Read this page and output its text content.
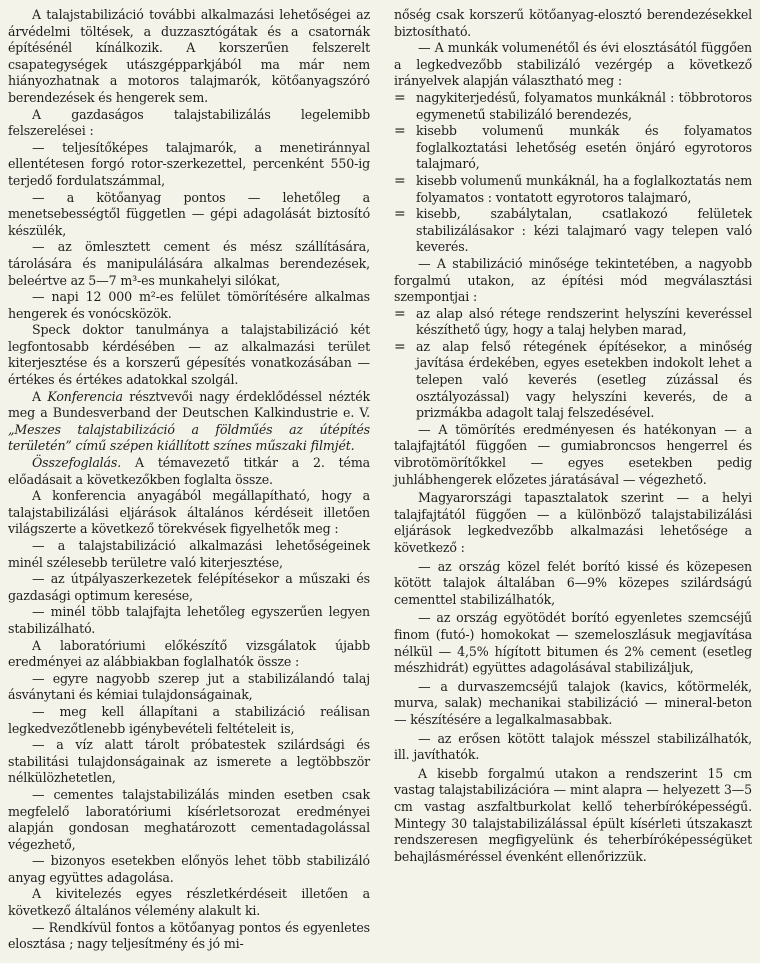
A talajstabilizáció további alkalmazási lehetőségei az árvédelmi töltések, a duzzasztógátak és a csatornák építésénél kínálkozik. A korszerűen felszerelt csapategységek utászgépparkjából ma már nem hiányozhatnak a motoros talajmarók, kötőanyagszóró berendezések és hengerek sem.

A gazdaságos talajstabilizálás legelemibb felszerelései :

— teljesítőképes talajmarók, a menetiránnyal ellentétesen forgó rotor-szerkezettel, percenként 550-ig terjedő fordulatszámmal,

— a kötőanyag pontos — lehetőleg a menetsebességtől független — gépi adagolását biztosító készülék,

— az ömlesztett cement és mész szállítására, tárolására és manipulálására alkalmas berendezések, beleértve az 5—7 m³-es munkahelyi silókat,

— napi 12 000 m²-es felület tömörítésére alkalmas hengerek és vonócsközök.

Speck doktor tanulmánya a talajstabilizáció két legfontosabb kérdésében — az alkalmazási terület kiterjesztése és a korszerű gépesítés vonatkozásában — értékes és értékes adatokkal szolgál.

A Konferencia résztvevői nagy érdeklődéssel nézték meg a Bundesverband der Deutschen Kalkindustrie e. V. „Meszes talajstabilizáció a földműés az útépítés területén” című szépen kiállított színes műszaki filmjét.

Összefoglalás. A témavezető titkár a 2. téma előadásait a következőkben foglalta össze.

A konferencia anyagából megállapítható, hogy a talajstabilizálási eljárások általános kérdéseit illetően világszerte a következő törekvések figyelhetők meg :

— a talajstabilizáció alkalmazási lehetőségeinek minél szélesebb területre való kiterjesztése,

— az útpályaszerkezetek felépítésekor a műszaki és gazdasági optimum keresése,

— minél több talajfajta lehetőleg egyszerűen legyen stabilizálható.

A laboratóriumi előkészítő vizsgálatok újabb eredményei az alábbiakban foglalhatók össze :

— egyre nagyobb szerep jut a stabilizálandó talaj ásványtani és kémiai tulajdonságainak,

— meg kell állapítani a stabilizáció reálisan legkedvezőtlenebb igénybevételi feltételeit is,

— a víz alatt tárolt próbatestek szilárdsági és stabilitási tulajdonságainak az ismerete a legtöbbször nélkülözhetetlen,

— cementes talajstabilizálás minden esetben csak megfelelő laboratóriumi kísérletsorozat eredményei alapján gondosan meghatározott cementadagolással végezhető,

— bizonyos esetekben előnyös lehet több stabilizáló anyag együttes adagolása.

A kivitelezés egyes részletkérdéseit illetően a következő általános vélemény alakult ki.

— Rendkívül fontos a kötőanyag pontos és egyenletes elosztása ; nagy teljesítmény és jó mi-

nőség csak korszerű kötőanyag-elosztó berendezésekkel biztosítható.

— A munkák volumenétől és évi elosztásától függően a legkedvezőbb stabilizáló vezérgép a következő irányelvek alapján választható meg :

= nagykiterjedésű, folyamatos munkáknál : többrotoros egymenetű stabilizáló berendezés,
= kisebb volumenű munkák és folyamatos foglalkoztatási lehetőség esetén önjáró egyrotoros talajmaró,
= kisebb volumenű munkáknál, ha a foglalkoztatás nem folyamatos : vontatott egyrotoros talajmaró,
= kisebb, szabálytalan, csatlakozó felületek stabilizálásakor : kézi talajmaró vagy telepen való keverés.

— A stabilizáció minősége tekintetében, a nagyobb forgalmú utakon, az építési mód megválasztási szempontjai :

= az alap alsó rétege rendszerint helyszíni keveréssel készíthető úgy, hogy a talaj helyben marad,
= az alap felső rétegének építésekor, a minőség javítása érdekében, egyes esetekben indokolt lehet a telepen való keverés (esetleg zúzással és osztályozással) vagy helyszíni keverés, de a prizmákba adagolt talaj felszedésével.

— A tömörítés eredményesen és hatékonyan — a talajfajtától függően — gumiabroncsos hengerrel és vibrotömörítőkkel — egyes esetekben pedig juhlábhengerek előzetes járatásával — végezhető.

Magyarországi tapasztalatok szerint — a helyi talajfajtától függően — a különböző talajstabilizálási eljárások legkedvezőbb alkalmazási lehetősége a következő :

— az ország közel felét borító kissé és közepesen kötött talajok általában 6—9% közepes szilárdságú cementtel stabilizálhatók,

— az ország egyötödét borító egyenletes szemcséjű finom (futó-) homokokat — szemeloszlásuk megjavítása nélkül — 4,5% hígított bitumen és 2% cement (esetleg mészhidrát) együttes adagolásával stabilizáljuk,

— a durvaszemcséjű talajok (kavics, kőtörmelék, murva, salak) mechanikai stabilizáció — mineral-beton — készítésére a legalkalmasabbak.

— az erősen kötött talajok mésszel stabilizálhatók, ill. javíthatók.

A kisebb forgalmú utakon a rendszerint 15 cm vastag talajstabilizációra — mint alapra — helyezett 3—5 cm vastag aszfaltburkolat kellő teherbíróképességű. Mintegy 30 talajstabilizálással épült kísérleti útszakaszt rendszeresen megfigyelünk és teherbíróképességüket behajlásméréssel évenként ellenőrizzük.
